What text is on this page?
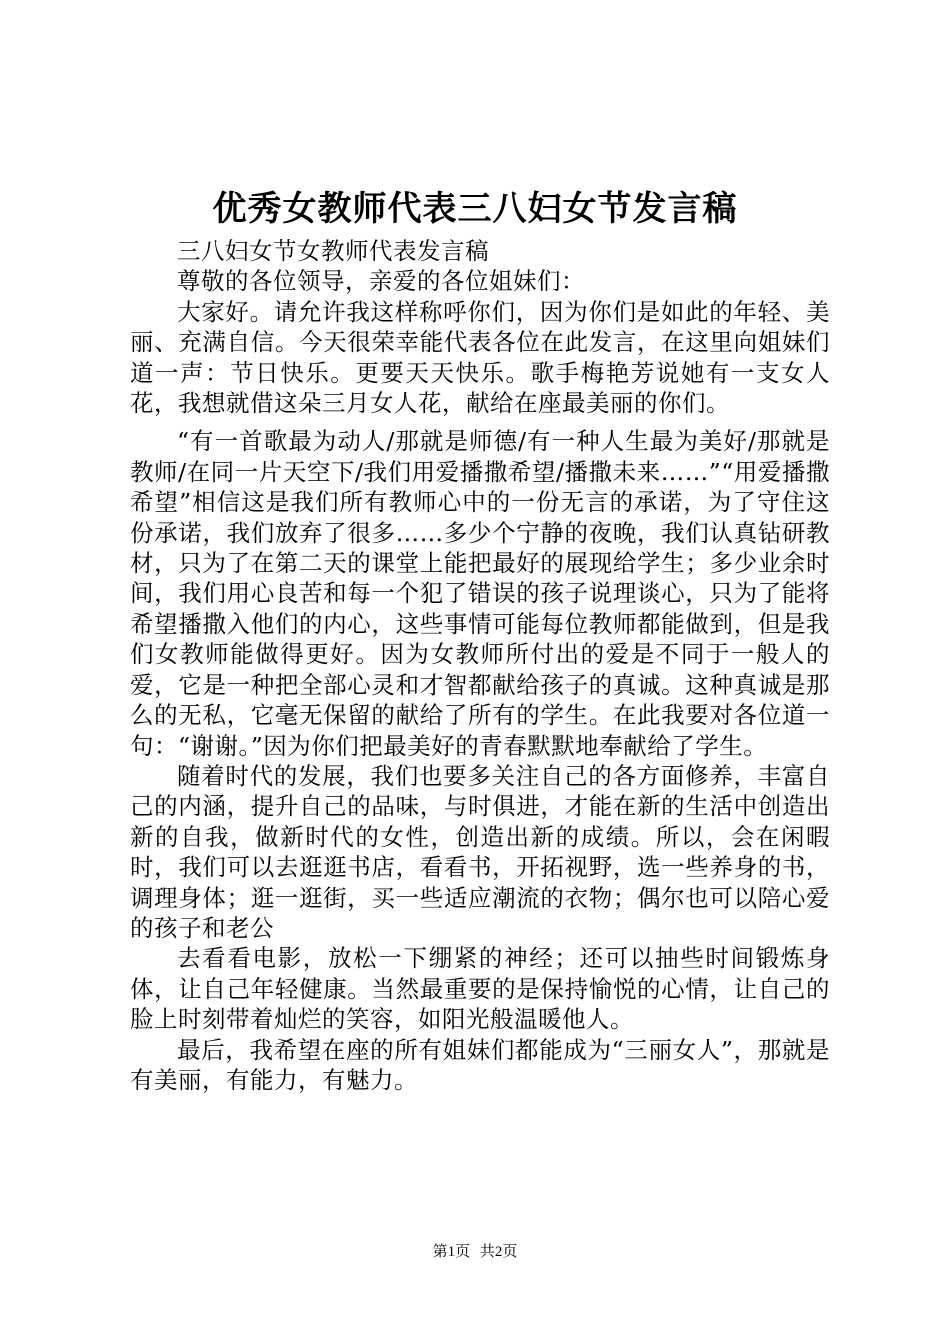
优秀女教师代表三八妇女节发言稿

三八妇女节女教师代表发言稿

尊敬的各位领导，亲爱的各位姐妹们：

大家好。请允许我这样称呼你们，因为你们是如此的年轻、美丽、充满自信。今天很荣幸能代表各位在此发言，在这里向姐妹们道一声：节日快乐。更要天天快乐。歌手梅艳芳说她有一支女人花，我想就借这朵三月女人花，献给在座最美丽的你们。

“有一首歌最为动人/那就是师德/有一种人生最为美好/那就是教师/在同一片天空下/我们用爱播撒希望/播撒未来……”“用爱播撒希望”相信这是我们所有教师心中的一份无言的承诺，为了守住这份承诺，我们放弃了很多……多少个宁静的夜晚，我们认真钻研教材，只为了在第二天的课堂上能把最好的展现给学生；多少业余时间，我们用心良苦和每一个犯了错误的孩子说理谈心，只为了能将希望播撒入他们的内心，这些事情可能每位教师都能做到，但是我们女教师能做得更好。因为女教师所付出的爱是不同于一般人的爱，它是一种把全部心灵和才智都献给孩子的真诚。这种真诚是那么的无私，它毫无保留的献给了所有的学生。在此我要对各位道一句：“谢谢。”因为你们把最美好的青春默默地奉献给了学生。

随着时代的发展，我们也要多关注自己的各方面修养，丰富自己的内涵，提升自己的品味，与时俱进，才能在新的生活中创造出新的自我，做新时代的女性，创造出新的成绩。所以，会在闲暇时，我们可以去逛逛书店，看看书，开拓视野，选一些养身的书，调理身体；逛一逛街，买一些适应潮流的衣物；偶尔也可以陪心爱的孩子和老公

去看看电影，放松一下绷紧的神经；还可以抽些时间锻炼身体，让自己年轻健康。当然最重要的是保持愉悦的心情，让自己的脸上时刻带着灿烂的笑容，如阳光般温暖他人。

最后，我希望在座的所有姐妹们都能成为“三丽女人”，那就是有美丽，有能力，有魅力。

第1页 共2页
